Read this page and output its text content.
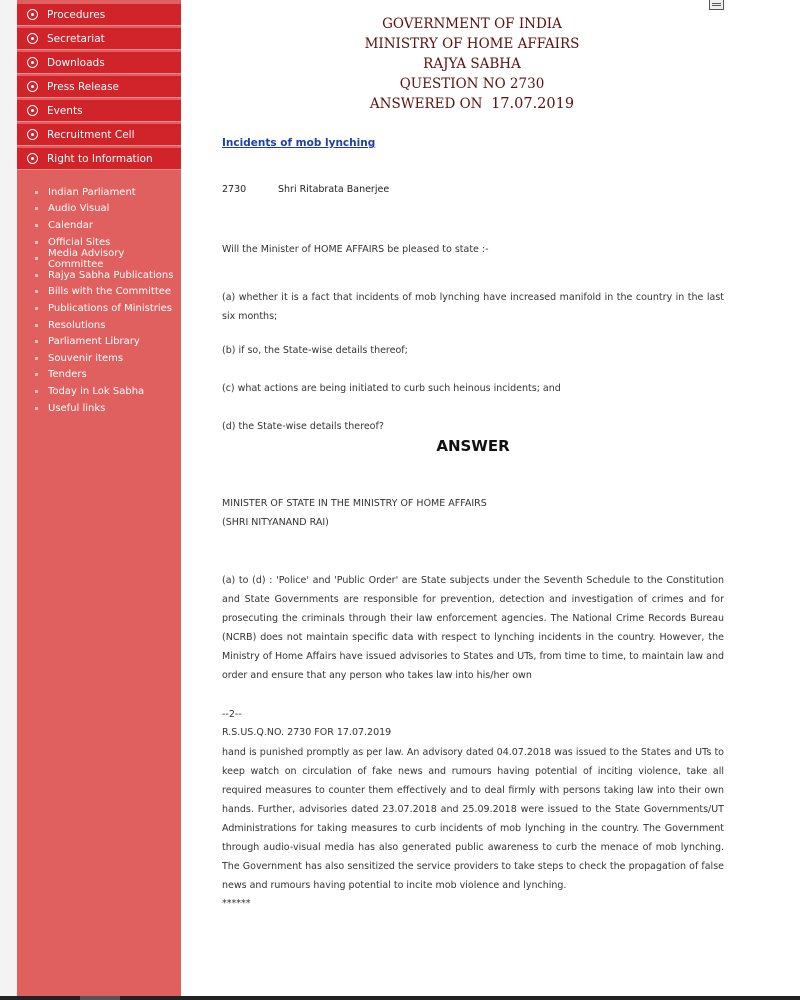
Procedures
Secretariat
Downloads
Press Release
Events
Recruitment Cell
Right to Information
Indian Parliament
Audio Visual
Calendar
Official Sites
Media Advisory Committee
Rajya Sabha Publications
Bills with the Committee
Publications of Ministries
Resolutions
Parliament Library
Souvenir items
Tenders
Today in Lok Sabha
Useful links
GOVERNMENT OF INDIA
MINISTRY OF HOME AFFAIRS
RAJYA SABHA
QUESTION NO 2730
ANSWERED ON 17.07.2019
Incidents of mob lynching
2730	Shri Ritabrata Banerjee
Will the Minister of HOME AFFAIRS be pleased to state :-

(a) whether it is a fact that incidents of mob lynching have increased manifold in the country in the last six months;

(b) if so, the State-wise details thereof;
(c) what actions are being initiated to curb such heinous incidents; and
(d) the State-wise details thereof?
ANSWER
MINISTER OF STATE IN THE MINISTRY OF HOME AFFAIRS
(SHRI NITYANAND RAI)

(a) to (d) : 'Police' and 'Public Order' are State subjects under the Seventh Schedule to the Constitution and State Governments are responsible for prevention, detection and investigation of crimes and for prosecuting the criminals through their law enforcement agencies. The National Crime Records Bureau (NCRB) does not maintain specific data with respect to lynching incidents in the country. However, the Ministry of Home Affairs have issued advisories to States and UTs, from time to time, to maintain law and order and ensure that any person who takes law into his/her own

--2--
R.S.US.Q.NO. 2730 FOR 17.07.2019

hand is punished promptly as per law. An advisory dated 04.07.2018 was issued to the States and UTs to keep watch on circulation of fake news and rumours having potential of inciting violence, take all required measures to counter them effectively and to deal firmly with persons taking law into their own hands. Further, advisories dated 23.07.2018 and 25.09.2018 were issued to the State Governments/UT Administrations for taking measures to curb incidents of mob lynching in the country. The Government through audio-visual media has also generated public awareness to curb the menace of mob lynching. The Government has also sensitized the service providers to take steps to check the propagation of false news and rumours having potential to incite mob violence and lynching.

******
